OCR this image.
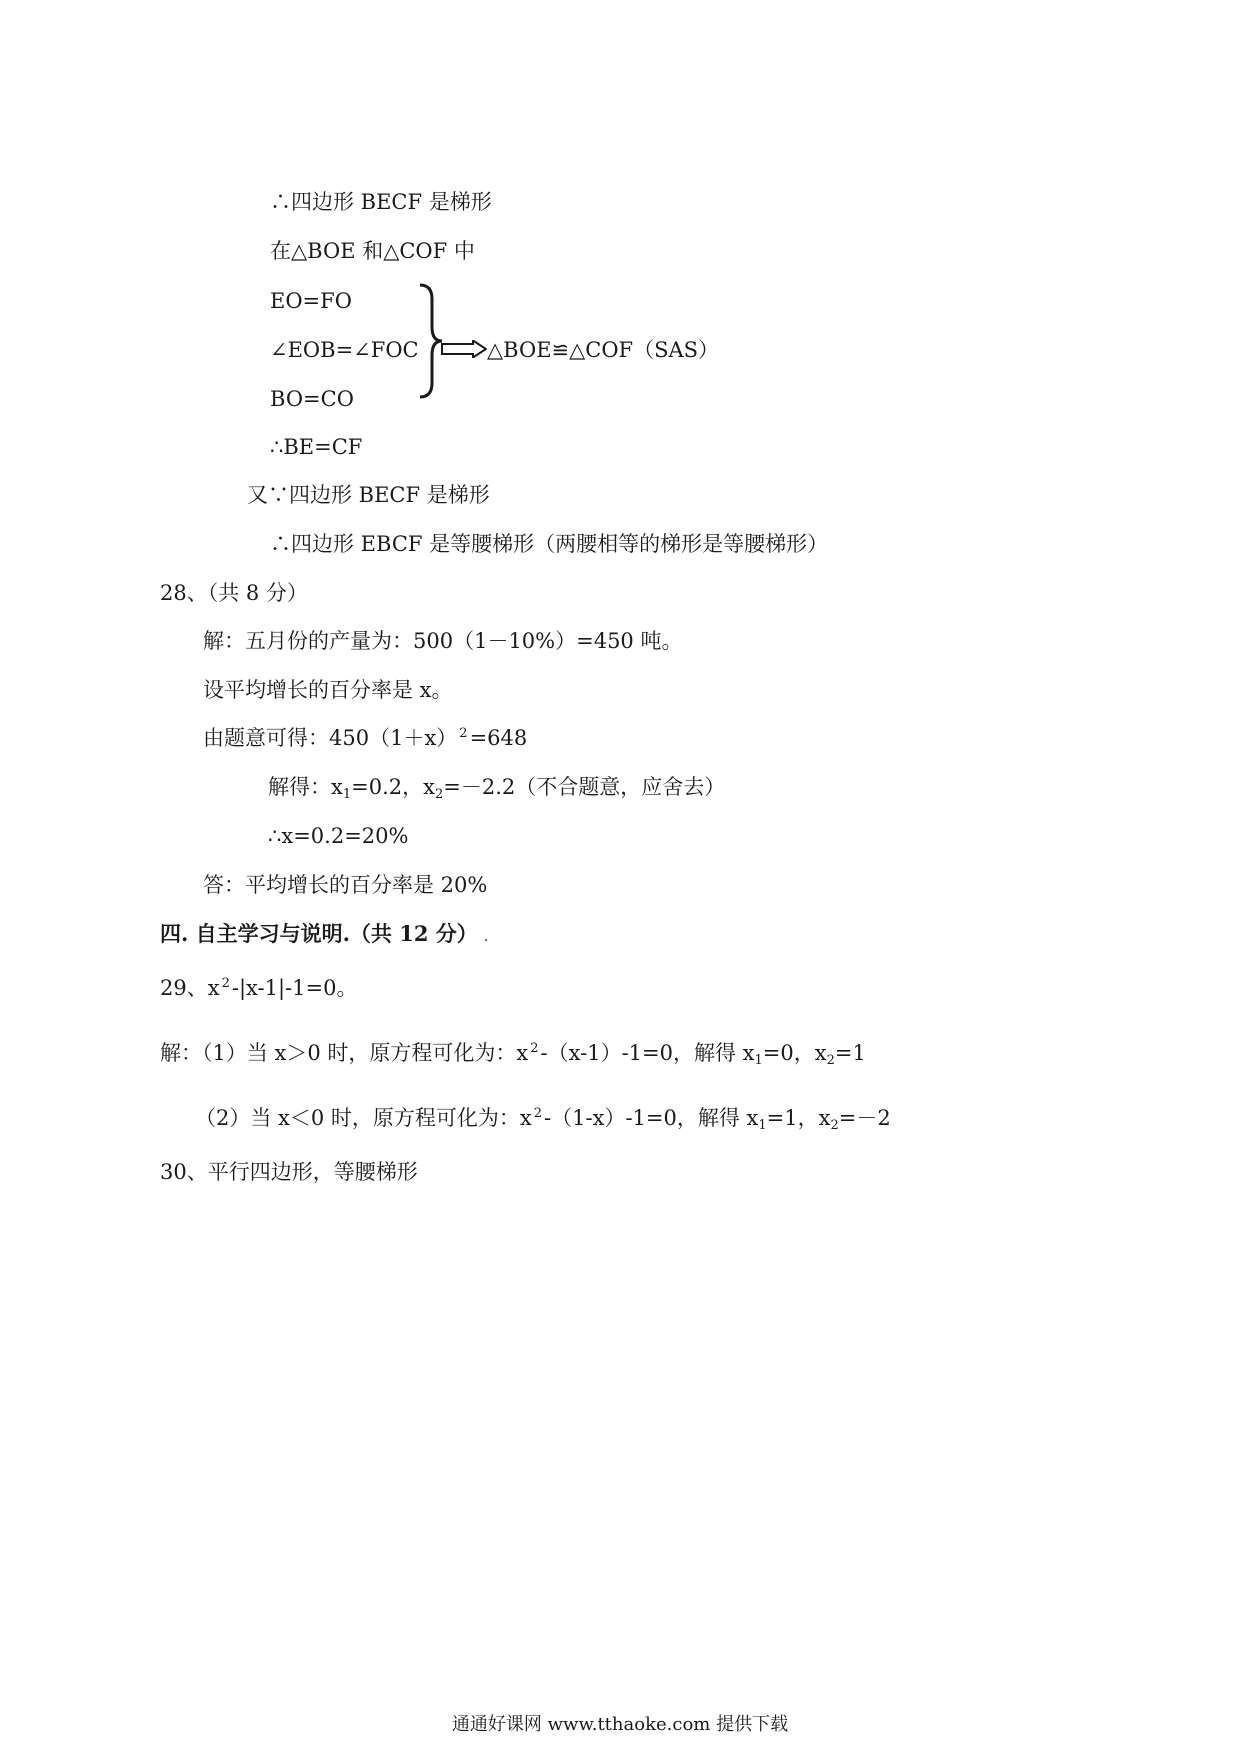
∴四边形 BECF 是梯形
在△BOE 和△COF 中
EO=FO
∠EOB=∠FOC
BO=CO
△BOE≌△COF（SAS）
∴BE=CF
又∵四边形 BECF 是梯形
∴四边形 EBCF 是等腰梯形（两腰相等的梯形是等腰梯形）
28、（共 8 分）
解：五月份的产量为：500（1－10%）=450 吨。
设平均增长的百分率是 x。
由题意可得：450（1＋x） $^2$=648
解得：$x_1=0.2$，$x_2=-2.2$（不合题意，应舍去）
∴x=0.2=20%
答：平均增长的百分率是 20%
四. 自主学习与说明.（共 12 分） .
29、x $^2$-|x-1|-1=0。
解：（1）当 x＞0 时，原方程可化为：x $^2$-（x-1）-1=0，解得 $x_1=0$，$x_2=1$
（2）当 x＜0 时，原方程可化为：x $^2$-（1-x）-1=0，解得 $x_1=1$，$x_2=-2$
30、平行四边形，等腰梯形
通通好课网 www.tthaoke.com 提供下载
